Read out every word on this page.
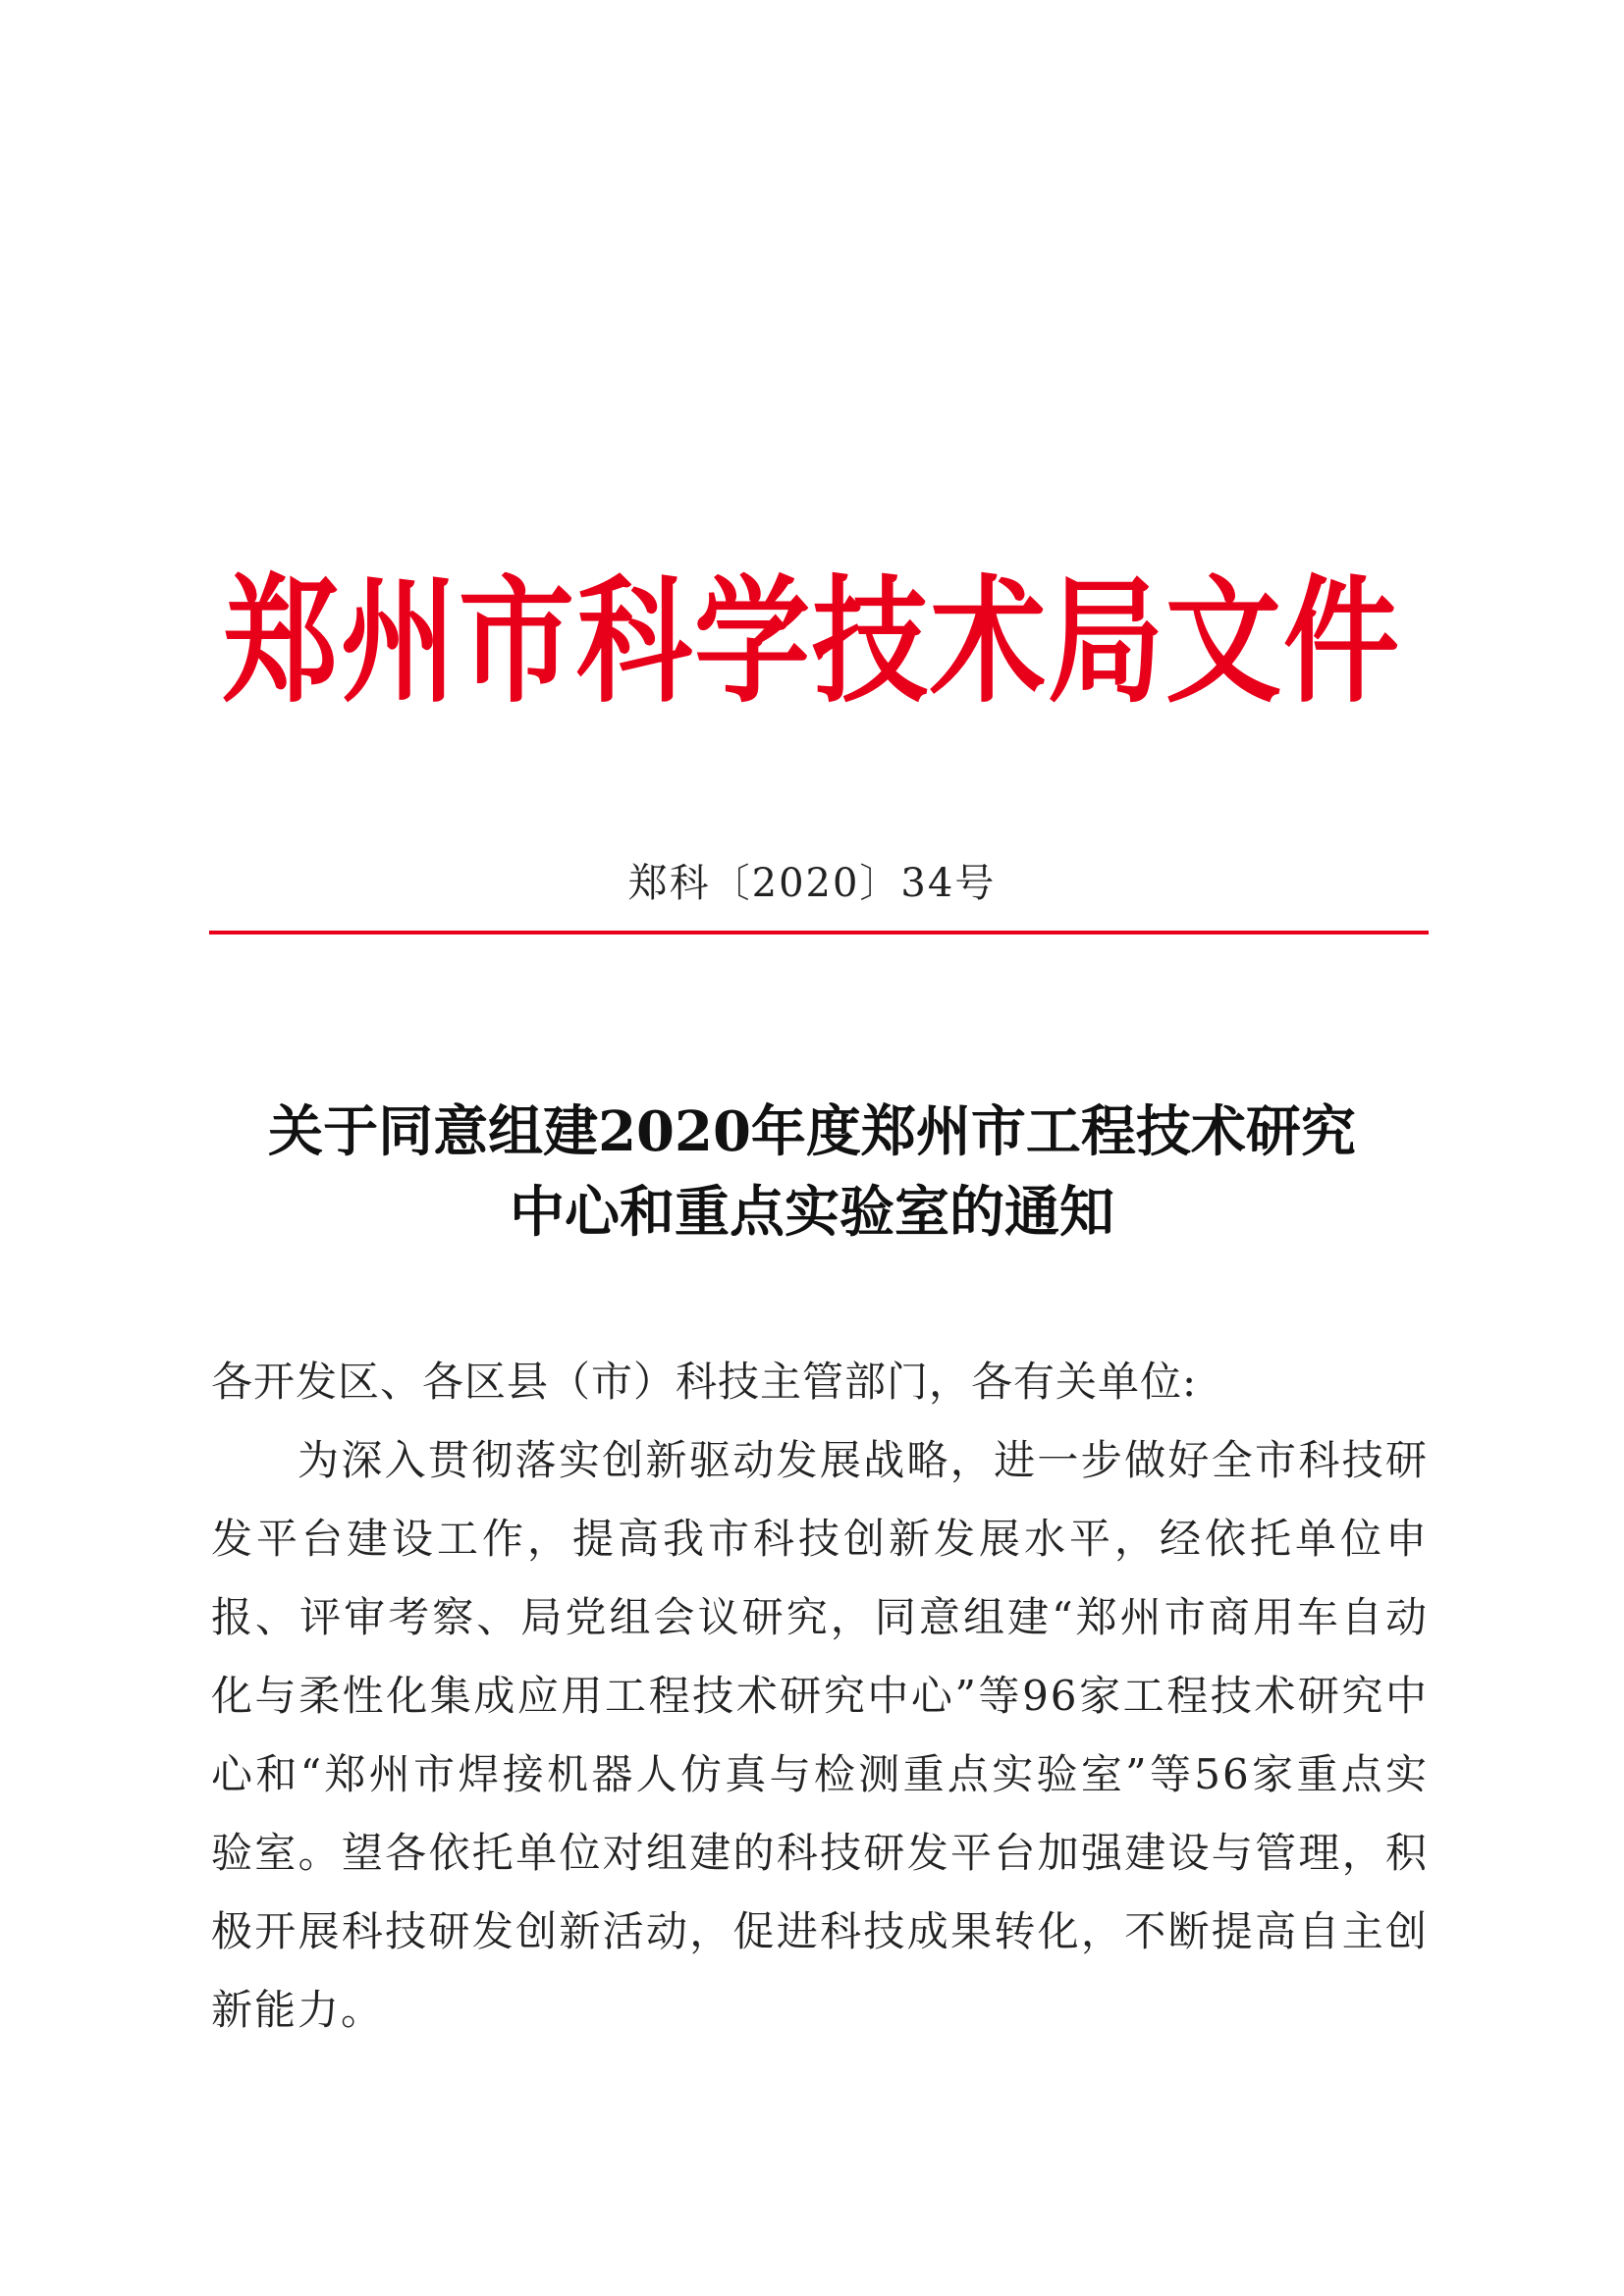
郑州市科学技术局文件
郑科〔2020〕34号
关于同意组建2020年度郑州市工程技术研究
中心和重点实验室的通知
各开发区、各区县（市）科技主管部门，各有关单位:

为深入贯彻落实创新驱动发展战略，进一步做好全市科技研发平台建设工作，提高我市科技创新发展水平，经依托单位申报、评审考察、局党组会议研究，同意组建“郑州市商用车自动化与柔性化集成应用工程技术研究中心”等96家工程技术研究中心和“郑州市焊接机器人仿真与检测重点实验室”等56家重点实验室。望各依托单位对组建的科技研发平台加强建设与管理，积极开展科技研发创新活动，促进科技成果转化，不断提高自主创新能力。
